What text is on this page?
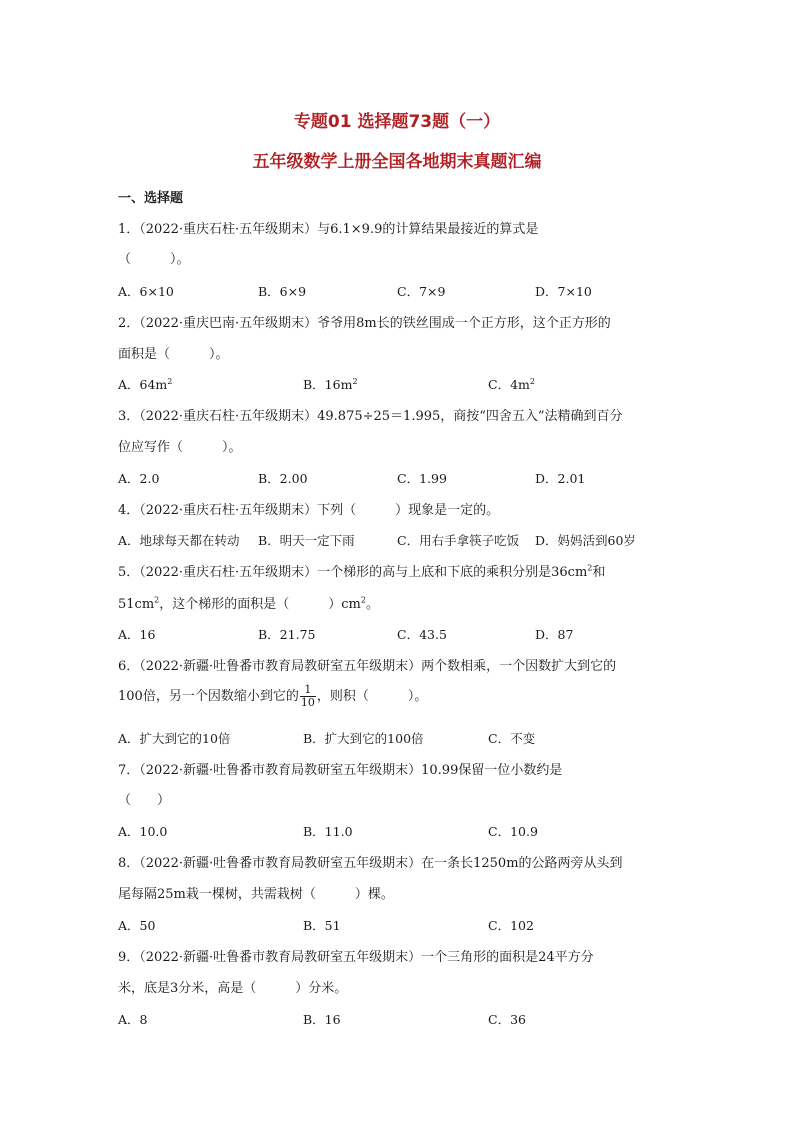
专题01 选择题73题（一）
五年级数学上册全国各地期末真题汇编
一、选择题
1．（2022·重庆石柱·五年级期末）与6.1×9.9的计算结果最接近的算式是
（　　　）。
A．6×10	B．6×9	C．7×9	D．7×10
2．（2022·重庆巴南·五年级期末）爷爷用8m长的铁丝围成一个正方形，这个正方形的
面积是（　　　）。
A．$64m^2$	B．$16m^2$	C．$4m^2$
3．（2022·重庆石柱·五年级期末）49.875÷25＝1.995，商按“四舍五入”法精确到百分
位应写作（　　　）。
A．2.0	B．2.00	C．1.99	D．2.01
4．（2022·重庆石柱·五年级期末）下列（　　　）现象是一定的。
A．地球每天都在转动 B．明天一定下雨	C．用右手拿筷子吃饭 D．妈妈活到60岁
5．（2022·重庆石柱·五年级期末）一个梯形的高与上底和下底的乘积分别是$36cm^2$和
$51cm^2$，这个梯形的面积是（　　　）$cm^2$。
A．16	B．21.75	C．43.5	D．87
6．（2022·新疆·吐鲁番市教育局教研室五年级期末）两个数相乘，一个因数扩大到它的
100倍，另一个因数缩小到它的 $\frac{1}{10}$ ，则积（　　　）。
A．扩大到它的10倍	B．扩大到它的100倍	C．不变
7．（2022·新疆·吐鲁番市教育局教研室五年级期末）10.99保留一位小数约是
（　　）
A．10.0	B．11.0	C．10.9
8．（2022·新疆·吐鲁番市教育局教研室五年级期末）在一条长1250m的公路两旁从头到
尾每隔25m栽一棵树，共需栽树（　　　）棵。
A．50	B．51	C．102
9．（2022·新疆·吐鲁番市教育局教研室五年级期末）一个三角形的面积是24平方分
米，底是3分米，高是（　　　）分米。
A．8	B．16	C．36
